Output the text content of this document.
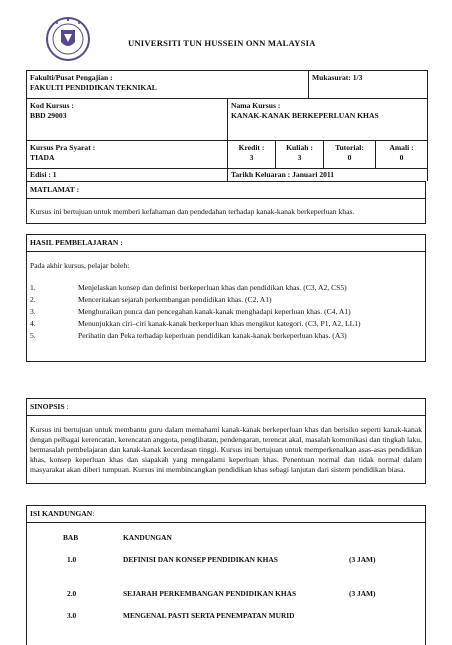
UNIVERSITI TUN HUSSEIN ONN MALAYSIA
Fakulti/Pusat Pengajian :
FAKULTI PENDIDIKAN TEKNIKAL
Mukasurat: 1/3
Kod Kursus :
BBD 29003
Nama Kursus :
KANAK-KANAK BERKEPERLUAN KHAS
Kursus Pra Syarat :
TIADA
Kredit :
3
Kuliah :
3
Tutorial:
0
Amali :
0
Edisi : 1	Tarikh Keluaran : Januari 2011
MATLAMAT :
Kursus ini bertujuan untuk memberi kefahaman dan pendedahan terhadap kanak-kanak berkeperluan khas.
HASIL PEMBELAJARAN :
Pada akhir kursus, pelajar boleh:
1.	Menjelaskan konsep dan definisi berkeperluan khas dan pendidikan khas. (C3, A2, CS5)
2.	Menceritakan sejarah perkembangan pendidikan khas. (C2, A1)
3.	Menghuraikan punca dan pencegahan kanak-kanak menghadapi keperluan khas. (C4, A1)
4.	Menunjukkan ciri–ciri kanak-kanak berkeperluan khas mengikut kategori. (C3, P1, A2, LL1)
5.	Perihatin dan Peka terhadap keperluan pendidikan kanak-kanak berkeperluan khas. (A3)
SINOPSIS :
Kursus ini bertujuan untuk membantu guru dalam memahami kanak-kanak berkeperluan khas dan berisiko seperti kanak-kanak dengan pelbagai kerencatan, kerencatan anggota, penglihatan, pendengaran, terencat akal, masalah komunikasi dan tingkah laku, bermasalah pembelajaran dan kanak-kanak kecerdasan tinggi. Kursus ini bertujuan untuk memperkenalkan asas-asas pendidikan khas, konsep keperluan khas dan siapakah yang mengalami keperluan khas. Penentuan normal dan tidak normal dalam masyarakat akan diberi tumpuan. Kursus ini membincangkan pendidikan khas sebagi lanjutan dari sistem pendidikan biasa.
ISI KANDUNGAN:
BAB	KANDUNGAN
1.0	DEFINISI DAN KONSEP PENDIDIKAN KHAS	(3 JAM)
2.0	SEJARAH PERKEMBANGAN PENDIDIKAN KHAS	(3 JAM)
3.0	MENGENAL PASTI SERTA PENEMPATAN MURID
